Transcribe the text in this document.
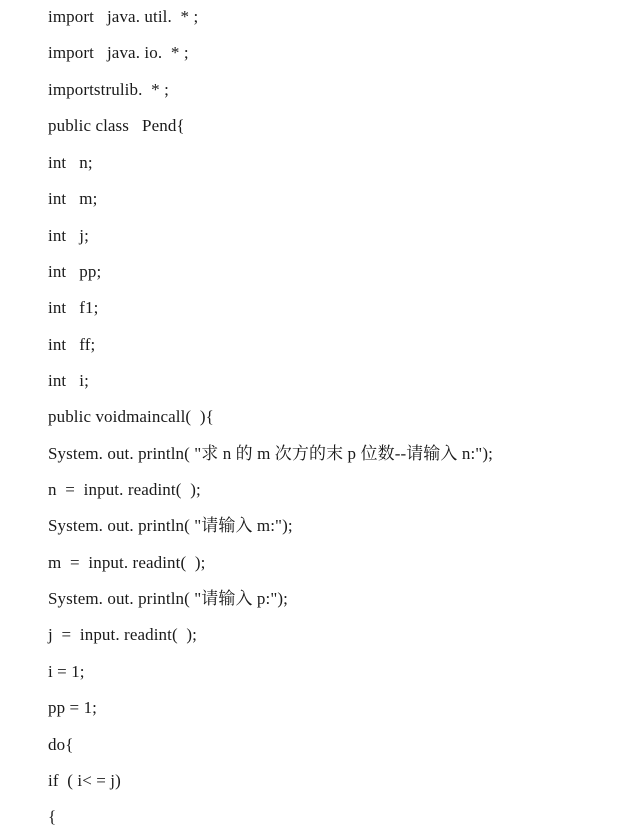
import   java. util.  * ;
import   java. io.  * ;
importstrulib.  * ;
public class   Pend{
int   n;
int   m;
int   j;
int   pp;
int   f1;
int   ff;
int   i;
public voidmaincall(  ){
System. out. println( "求 n 的 m 次方的末 p 位数--请输入 n:");
n  =  input. readint(  );
System. out. println( "请输入 m:");
m  =  input. readint(  );
System. out. println( "请输入 p:");
j  =  input. readint(  );
i = 1;
pp = 1;
do{
if  ( i< = j)
{
